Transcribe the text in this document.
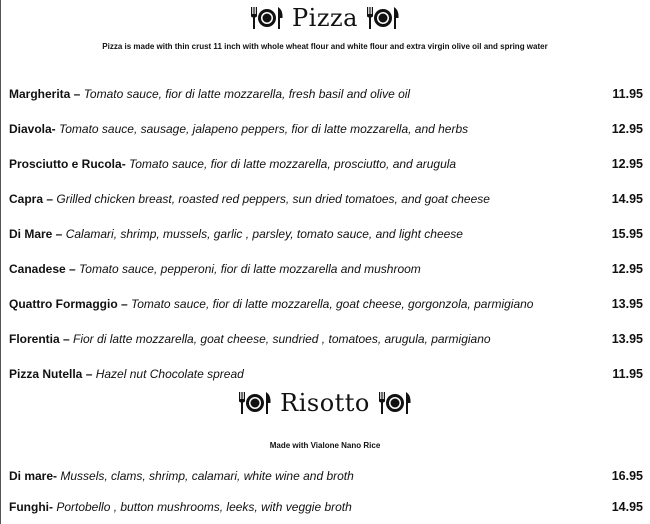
Pizza
Pizza is made with thin crust 11 inch with whole wheat flour and white flour and extra virgin olive oil and spring water
Margherita – Tomato sauce, fior di latte mozzarella, fresh basil and olive oil	11.95
Diavola- Tomato sauce, sausage, jalapeno peppers, fior di latte mozzarella, and herbs	12.95
Prosciutto e Rucola- Tomato sauce, fior di latte mozzarella, prosciutto, and arugula	12.95
Capra – Grilled chicken breast, roasted red peppers, sun dried tomatoes, and goat cheese	14.95
Di Mare – Calamari, shrimp, mussels, garlic , parsley, tomato sauce, and light cheese	15.95
Canadese – Tomato sauce, pepperoni, fior di latte mozzarella and mushroom	12.95
Quattro Formaggio – Tomato sauce, fior di latte mozzarella, goat cheese, gorgonzola, parmigiano	13.95
Florentia – Fior di latte mozzarella, goat cheese, sundried , tomatoes, arugula, parmigiano	13.95
Pizza Nutella – Hazel nut Chocolate spread	11.95
Risotto
Made with Vialone Nano Rice
Di mare- Mussels, clams, shrimp, calamari, white wine and broth	16.95
Funghi- Portobello , button mushrooms, leeks, with veggie broth	14.95
